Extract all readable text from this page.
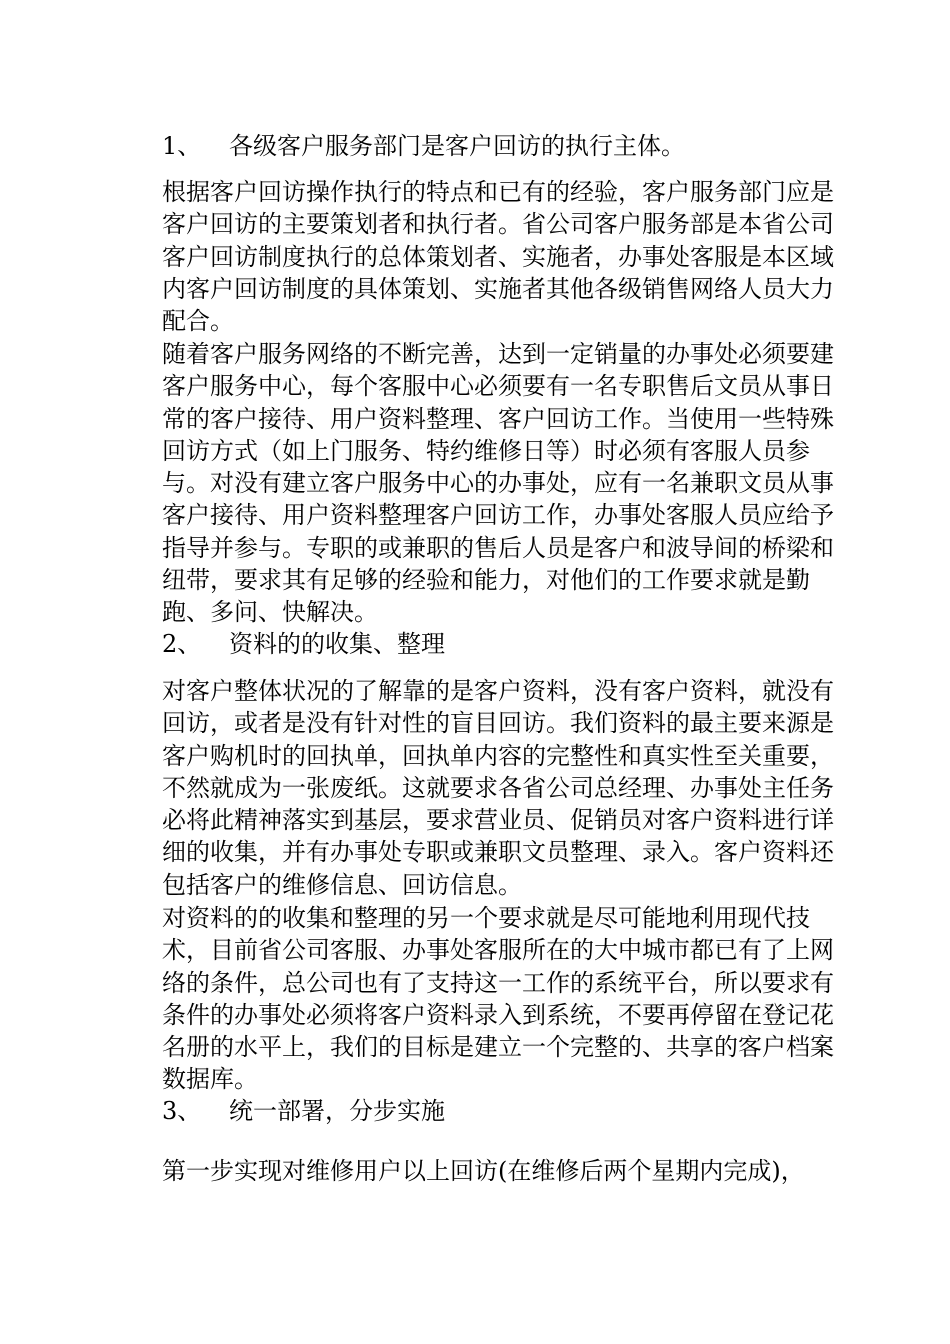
1、 各级客户服务部门是客户回访的执行主体。
根据客户回访操作执行的特点和已有的经验，客户服务部门应是客户回访的主要策划者和执行者。省公司客户服务部是本省公司客户回访制度执行的总体策划者、实施者，办事处客服是本区域内客户回访制度的具体策划、实施者其他各级销售网络人员大力配合。
随着客户服务网络的不断完善，达到一定销量的办事处必须要建客户服务中心，每个客服中心必须要有一名专职售后文员从事日常的客户接待、用户资料整理、客户回访工作。当使用一些特殊回访方式（如上门服务、特约维修日等）时必须有客服人员参与。对没有建立客户服务中心的办事处，应有一名兼职文员从事客户接待、用户资料整理客户回访工作，办事处客服人员应给予指导并参与。专职的或兼职的售后人员是客户和波导间的桥梁和纽带，要求其有足够的经验和能力，对他们的工作要求就是勤跑、多问、快解决。
2、 资料的的收集、整理
对客户整体状况的了解靠的是客户资料，没有客户资料，就没有回访，或者是没有针对性的盲目回访。我们资料的最主要来源是客户购机时的回执单，回执单内容的完整性和真实性至关重要，不然就成为一张废纸。这就要求各省公司总经理、办事处主任务必将此精神落实到基层，要求营业员、促销员对客户资料进行详细的收集，并有办事处专职或兼职文员整理、录入。客户资料还包括客户的维修信息、回访信息。
对资料的的收集和整理的另一个要求就是尽可能地利用现代技术，目前省公司客服、办事处客服所在的大中城市都已有了上网络的条件，总公司也有了支持这一工作的系统平台，所以要求有条件的办事处必须将客户资料录入到系统，不要再停留在登记花名册的水平上，我们的目标是建立一个完整的、共享的客户档案数据库。
3、 统一部署，分步实施
第一步实现对维修用户以上回访(在维修后两个星期内完成)，
